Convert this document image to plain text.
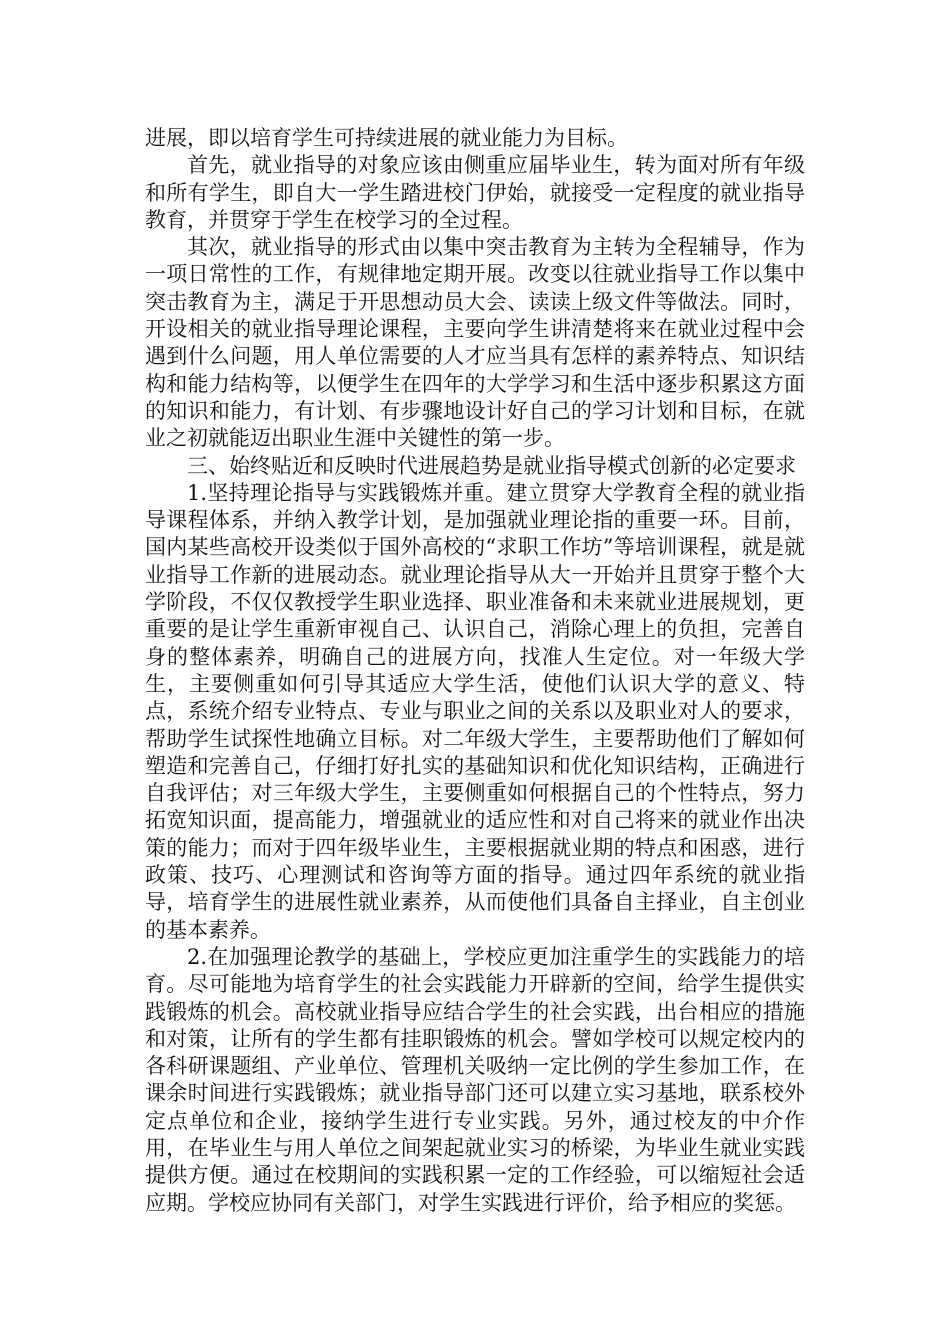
进展，即以培育学生可持续进展的就业能力为目标。

首先，就业指导的对象应该由侧重应届毕业生，转为面对所有年级和所有学生，即自大一学生踏进校门伊始，就接受一定程度的就业指导教育，并贯穿于学生在校学习的全过程。

其次，就业指导的形式由以集中突击教育为主转为全程辅导，作为一项日常性的工作，有规律地定期开展。改变以往就业指导工作以集中突击教育为主，满足于开思想动员大会、读读上级文件等做法。同时，开设相关的就业指导理论课程，主要向学生讲清楚将来在就业过程中会遇到什么问题，用人单位需要的人才应当具有怎样的素养特点、知识结构和能力结构等，以便学生在四年的大学学习和生活中逐步积累这方面的知识和能力，有计划、有步骤地设计好自己的学习计划和目标，在就业之初就能迈出职业生涯中关键性的第一步。

三、始终贴近和反映时代进展趋势是就业指导模式创新的必定要求

1.坚持理论指导与实践锻炼并重。建立贯穿大学教育全程的就业指导课程体系，并纳入教学计划，是加强就业理论指的重要一环。目前，国内某些高校开设类似于国外高校的“求职工作坊”等培训课程，就是就业指导工作新的进展动态。就业理论指导从大一开始并且贯穿于整个大学阶段，不仅仅教授学生职业选择、职业准备和未来就业进展规划，更重要的是让学生重新审视自己、认识自己，消除心理上的负担，完善自身的整体素养，明确自己的进展方向，找准人生定位。对一年级大学生，主要侧重如何引导其适应大学生活，使他们认识大学的意义、特点，系统介绍专业特点、专业与职业之间的关系以及职业对人的要求，帮助学生试探性地确立目标。对二年级大学生，主要帮助他们了解如何塑造和完善自己，仔细打好扎实的基础知识和优化知识结构，正确进行自我评估；对三年级大学生，主要侧重如何根据自己的个性特点，努力拓宽知识面，提高能力，增强就业的适应性和对自己将来的就业作出决策的能力；而对于四年级毕业生，主要根据就业期的特点和困惑，进行政策、技巧、心理测试和咨询等方面的指导。通过四年系统的就业指导，培育学生的进展性就业素养，从而使他们具备自主择业，自主创业的基本素养。

2.在加强理论教学的基础上，学校应更加注重学生的实践能力的培育。尽可能地为培育学生的社会实践能力开辟新的空间，给学生提供实践锻炼的机会。高校就业指导应结合学生的社会实践，出台相应的措施和对策，让所有的学生都有挂职锻炼的机会。譬如学校可以规定校内的各科研课题组、产业单位、管理机关吸纳一定比例的学生参加工作，在课余时间进行实践锻炼；就业指导部门还可以建立实习基地，联系校外定点单位和企业，接纳学生进行专业实践。另外，通过校友的中介作用，在毕业生与用人单位之间架起就业实习的桥梁，为毕业生就业实践提供方便。通过在校期间的实践积累一定的工作经验，可以缩短社会适应期。学校应协同有关部门，对学生实践进行评价，给予相应的奖惩。
